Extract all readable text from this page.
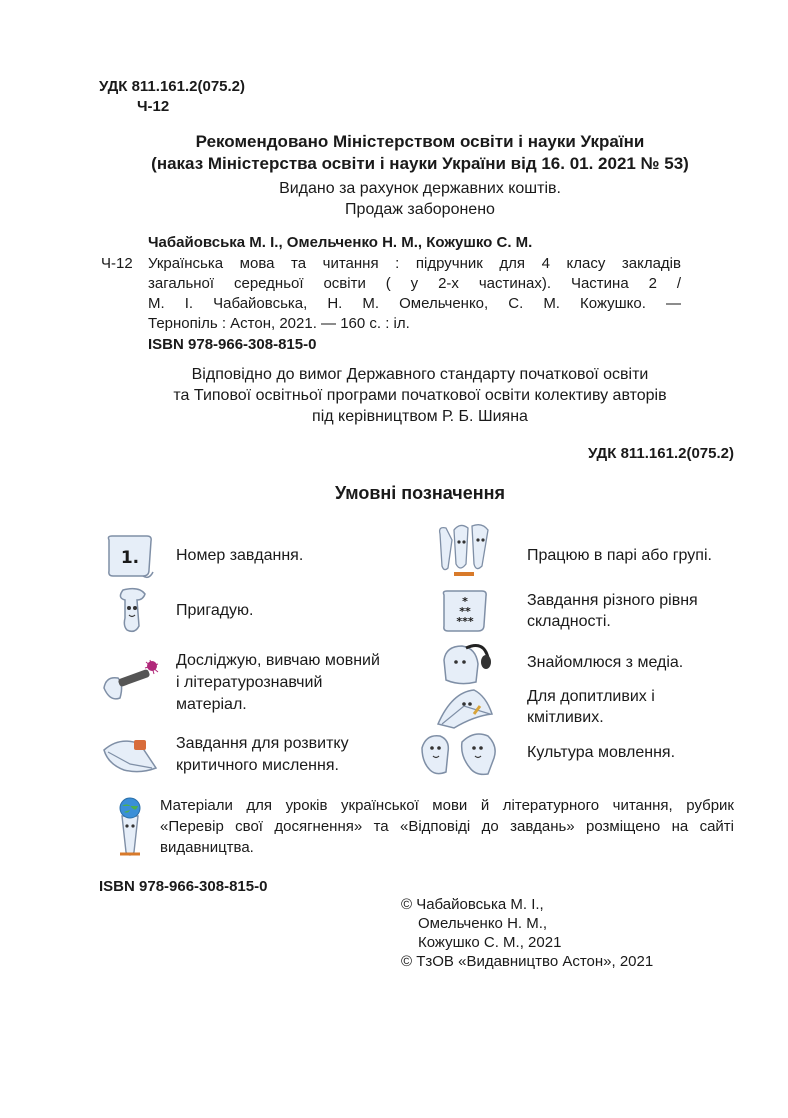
УДК 811.161.2(075.2)
Ч-12
Рекомендовано Міністерством освіти і науки України
(наказ Міністерства освіти і науки України від 16. 01. 2021 № 53)
Видано за рахунок державних коштів.
Продаж заборонено
Чабайовська М. І., Омельченко Н. М., Кожушко С. М.
Ч-12 Українська мова та читання : підручник для 4 класу закладів
загальної середньої освіти ( у 2-х частинах). Частина 2 /
М. І. Чабайовська, Н. М. Омельченко, С. М. Кожушко. —
Тернопіль : Астон, 2021. — 160 с. : іл.
ISBN 978-966-308-815-0
Відповідно до вимог Державного стандарту початкової освіти
та Типової освітньої програми початкової освіти колективу авторів
під керівництвом Р. Б. Шияна
УДК 811.161.2(075.2)
Умовні позначення
1. Номер завдання.
Пригадую.
Досліджую, вивчаю мовний
і літературознавчий
матеріал.
Завдання для розвитку
критичного мислення.
Працюю в парі або групі.
*
**
***
Завдання різного рівня
складності.
Знайомлюся з медіа.
Для допитливих і
кмітливих.
Культура мовлення.
Матеріали для уроків української мови й літературного читання, рубрик
«Перевір свої досягнення» та «Відповіді до завдань» розміщено на сайті
видавництва.
ISBN 978-966-308-815-0
© Чабайовська М. І.,
Омельченко Н. М.,
Кожушко С. М., 2021
© ТзОВ «Видавництво Астон», 2021
